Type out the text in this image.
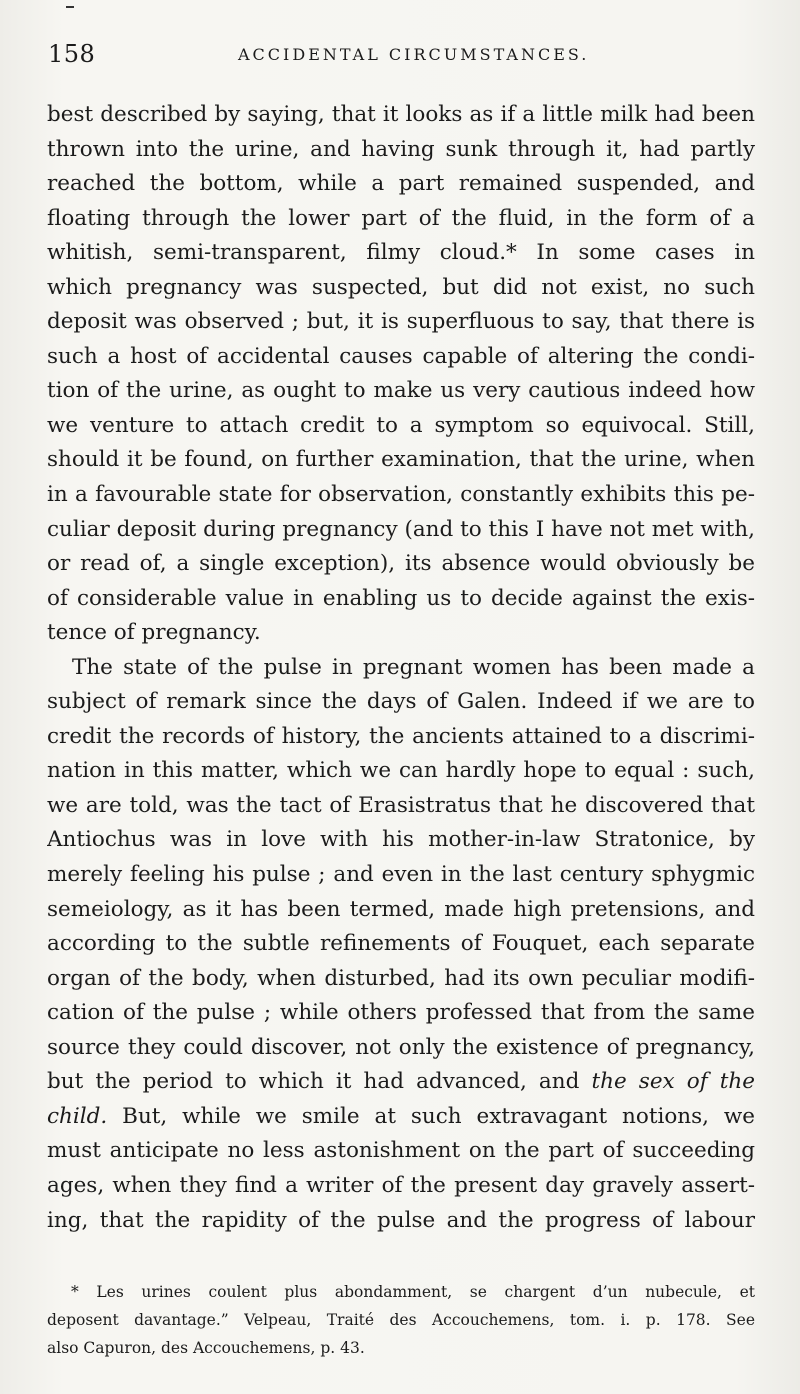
158	ACCIDENTAL CIRCUMSTANCES.
best described by saying, that it looks as if a little milk had been
thrown into the urine, and having sunk through it, had partly
reached the bottom, while a part remained suspended, and
floating through the lower part of the fluid, in the form of a
whitish, semi-transparent, filmy cloud.* In some cases in
which pregnancy was suspected, but did not exist, no such
deposit was observed ; but, it is superfluous to say, that there is
such a host of accidental causes capable of altering the condi-
tion of the urine, as ought to make us very cautious indeed how
we venture to attach credit to a symptom so equivocal. Still,
should it be found, on further examination, that the urine, when
in a favourable state for observation, constantly exhibits this pe-
culiar deposit during pregnancy (and to this I have not met with,
or read of, a single exception), its absence would obviously be
of considerable value in enabling us to decide against the exis-
tence of pregnancy.
The state of the pulse in pregnant women has been made a
subject of remark since the days of Galen. Indeed if we are to
credit the records of history, the ancients attained to a discrimi-
nation in this matter, which we can hardly hope to equal : such,
we are told, was the tact of Erasistratus that he discovered that
Antiochus was in love with his mother-in-law Stratonice, by
merely feeling his pulse ; and even in the last century sphygmic
semeiology, as it has been termed, made high pretensions, and
according to the subtle refinements of Fouquet, each separate
organ of the body, when disturbed, had its own peculiar modifi-
cation of the pulse ; while others professed that from the same
source they could discover, not only the existence of pregnancy,
but the period to which it had advanced, and the sex of the
child. But, while we smile at such extravagant notions, we
must anticipate no less astonishment on the part of succeeding
ages, when they find a writer of the present day gravely assert-
ing, that the rapidity of the pulse and the progress of labour
* Les urines coulent plus abondamment, se chargent d’un nubecule, et
deposent davantage.” Velpeau, Traité des Accouchemens, tom. i. p. 178. See
also Capuron, des Accouchemens, p. 43.
